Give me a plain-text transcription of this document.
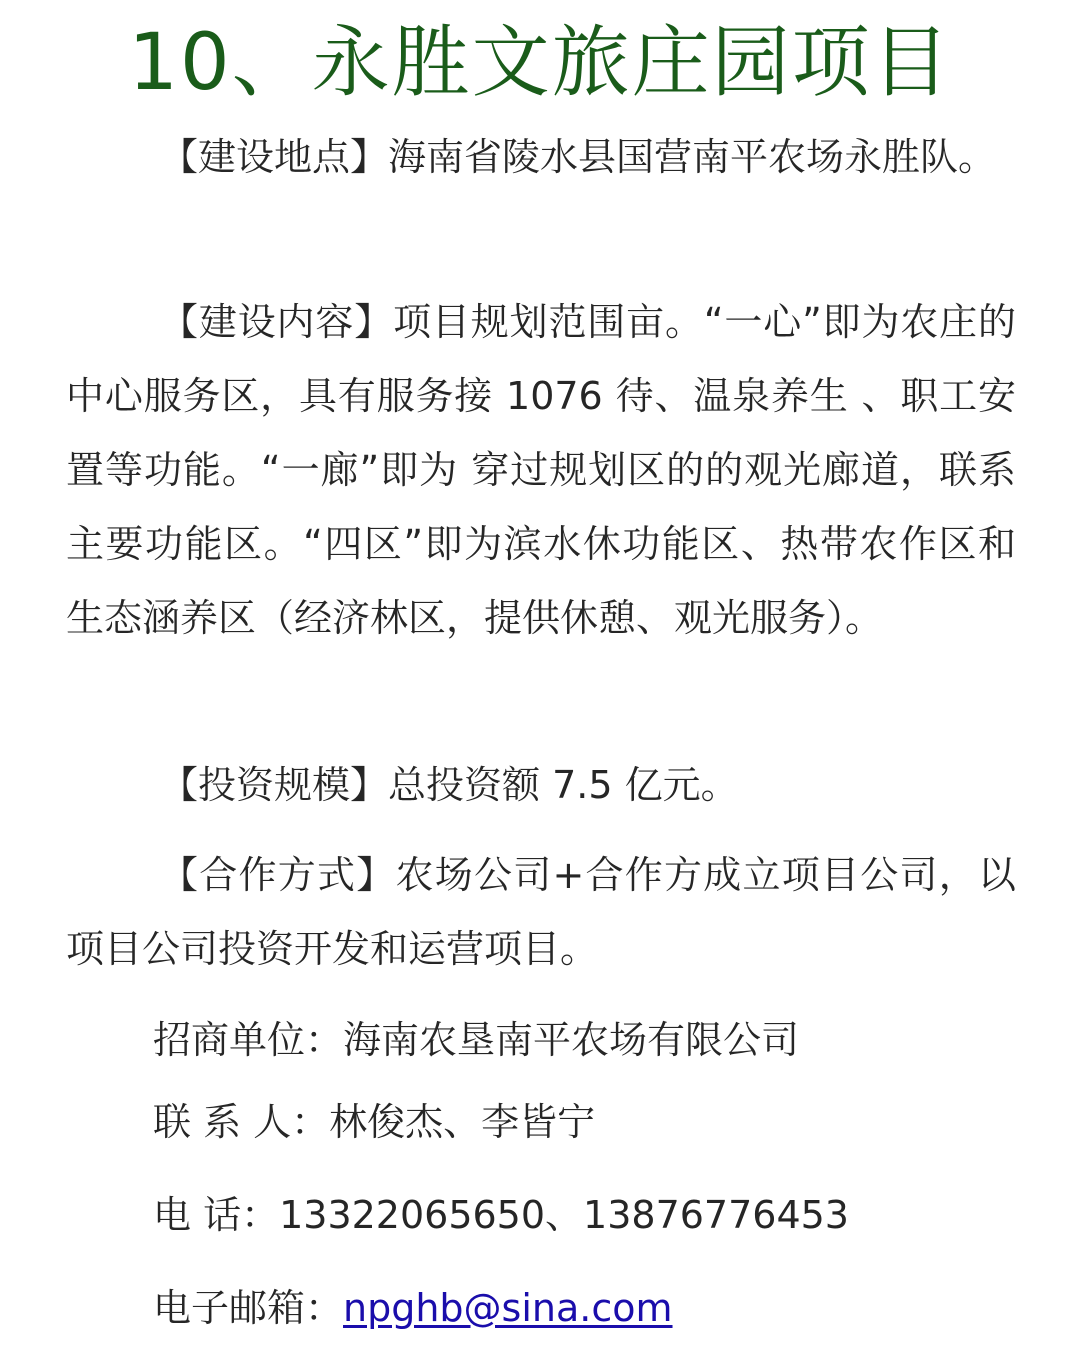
10、永胜文旅庄园项目
【建设地点】海南省陵水县国营南平农场永胜队。
【建设内容】项目规划范围亩。“一心”即为农庄的中心服务区，具有服务接 1076 待、温泉养生 、职工安置等功能。“一廊”即为 穿过规划区的的观光廊道，联系主要功能区。“四区”即为滨水休功能区、热带农作区和生态涵养区（经济林区，提供休憩、观光服务）。
【投资规模】总投资额 7.5 亿元。
【合作方式】农场公司+合作方成立项目公司，以项目公司投资开发和运营项目。
招商单位：海南农垦南平农场有限公司
联 系 人：林俊杰、李皆宁
电 话：13322065650、13876776453
电子邮箱：npghb@sina.com
